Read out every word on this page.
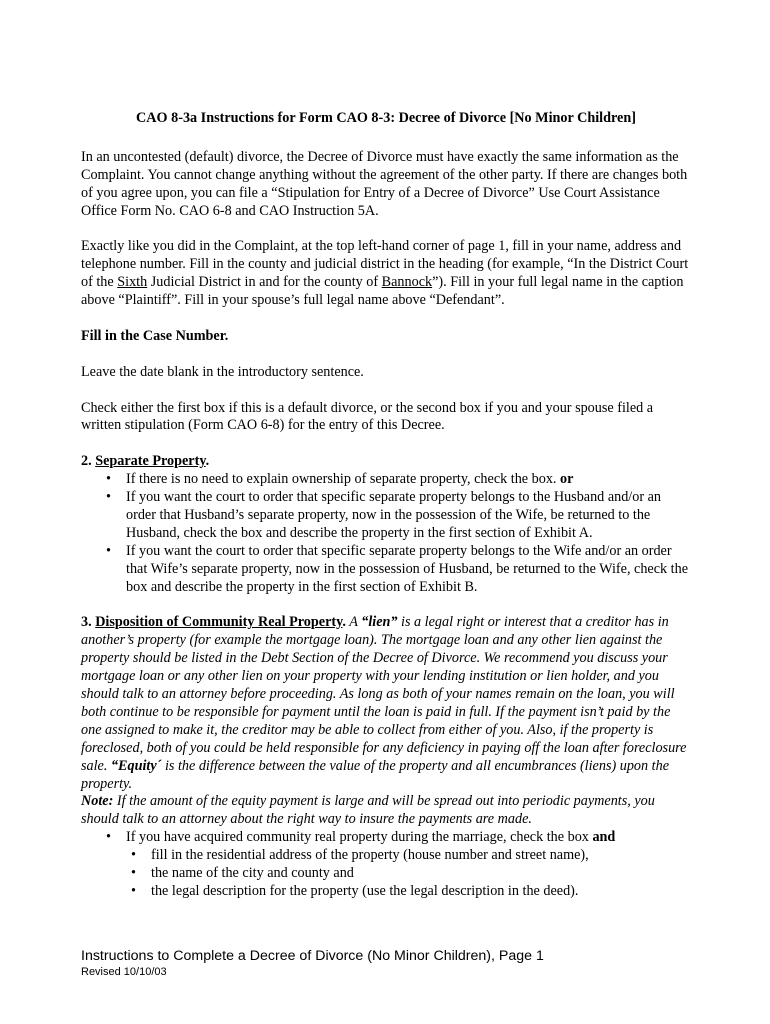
CAO 8-3a Instructions for Form CAO 8-3: Decree of Divorce [No Minor Children]

In an uncontested (default) divorce, the Decree of Divorce must have exactly the same information as the Complaint. You cannot change anything without the agreement of the other party. If there are changes both of you agree upon, you can file a “Stipulation for Entry of a Decree of Divorce” Use Court Assistance Office Form No. CAO 6-8 and CAO Instruction 5A.

Exactly like you did in the Complaint, at the top left-hand corner of page 1, fill in your name, address and telephone number. Fill in the county and judicial district in the heading (for example, “In the District Court of the Sixth Judicial District in and for the county of Bannock”). Fill in your full legal name in the caption above “Plaintiff”. Fill in your spouse’s full legal name above “Defendant”.

Fill in the Case Number.

Leave the date blank in the introductory sentence.

Check either the first box if this is a default divorce, or the second box if you and your spouse filed a written stipulation (Form CAO 6-8) for the entry of this Decree.

2. Separate Property.
• If there is no need to explain ownership of separate property, check the box. or
• If you want the court to order that specific separate property belongs to the Husband and/or an order that Husband’s separate property, now in the possession of the Wife, be returned to the Husband, check the box and describe the property in the first section of Exhibit A.
• If you want the court to order that specific separate property belongs to the Wife and/or an order that Wife’s separate property, now in the possession of Husband, be returned to the Wife, check the box and describe the property in the first section of Exhibit B.
3. Disposition of Community Real Property. A “lien” is a legal right or interest that a creditor has in another’s property (for example the mortgage loan). The mortgage loan and any other lien against the property should be listed in the Debt Section of the Decree of Divorce. We recommend you discuss your mortgage loan or any other lien on your property with your lending institution or lien holder, and you should talk to an attorney before proceeding. As long as both of your names remain on the loan, you will both continue to be responsible for payment until the loan is paid in full. If the payment isn’t paid by the one assigned to make it, the creditor may be able to collect from either of you. Also, if the property is foreclosed, both of you could be held responsible for any deficiency in paying off the loan after foreclosure sale. “Equity´ is the difference between the value of the property and all encumbrances (liens) upon the property.
Note: If the amount of the equity payment is large and will be spread out into periodic payments, you should talk to an attorney about the right way to insure the payments are made.
• If you have acquired community real property during the marriage, check the box and
• fill in the residential address of the property (house number and street name),
• the name of the city and county and
• the legal description for the property (use the legal description in the deed).
Instructions to Complete a Decree of Divorce (No Minor Children), Page 1
Revised 10/10/03
